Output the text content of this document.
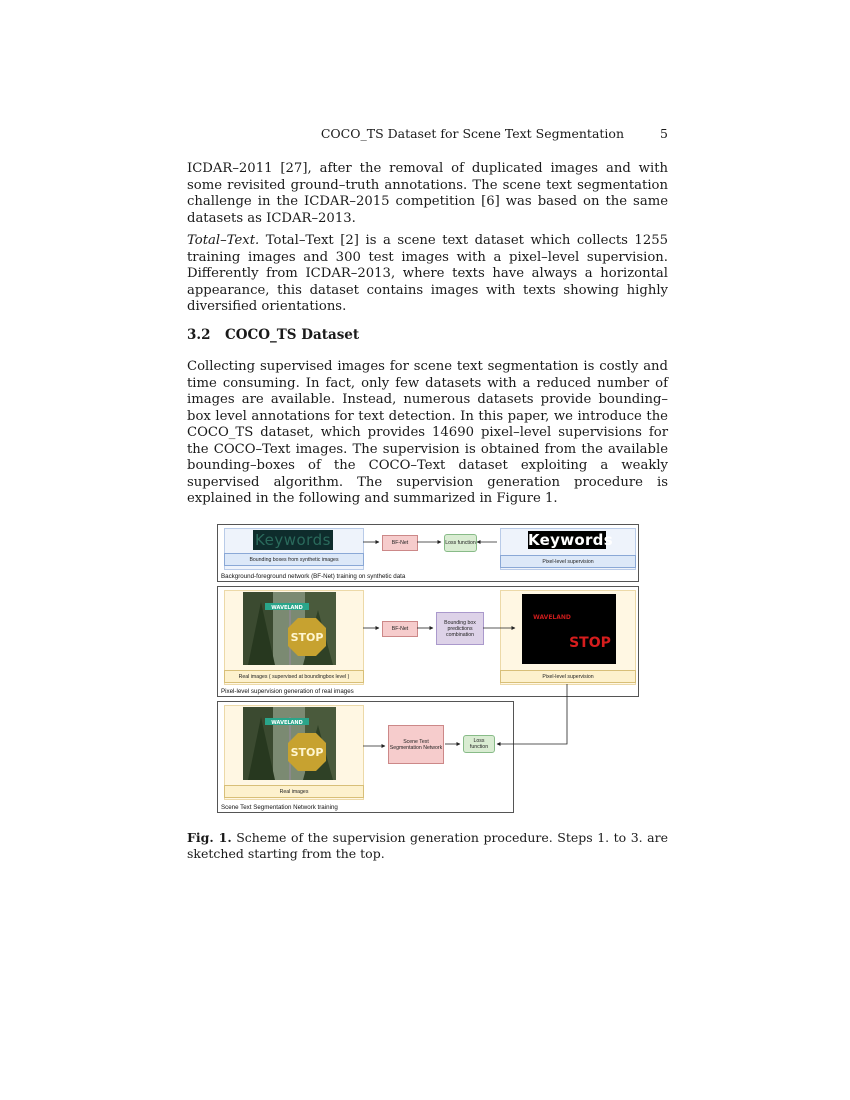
COCO_TS Dataset for Scene Text Segmentation	5

ICDAR–2011 [27], after the removal of duplicated images and with some revisited ground–truth annotations. The scene text segmentation challenge in the ICDAR–2015 competition [6] was based on the same datasets as ICDAR–2013.

Total–Text. Total–Text [2] is a scene text dataset which collects 1255 training images and 300 test images with a pixel–level supervision. Differently from ICDAR–2013, where texts have always a horizontal appearance, this dataset contains images with texts showing highly diversified orientations.

3.2 COCO_TS Dataset

Collecting supervised images for scene text segmentation is costly and time consuming. In fact, only few datasets with a reduced number of images are available. Instead, numerous datasets provide bounding–box level annotations for text detection. In this paper, we introduce the COCO_TS dataset, which provides 14690 pixel–level supervisions for the COCO–Text images. The supervision is obtained from the available bounding–boxes of the COCO–Text dataset exploiting a weakly supervised algorithm. The supervision generation procedure is explained in the following and summarized in Figure 1.

Keywords
Bounding boxes from synthetic images
BF-Net	Loss function	Keywords
Pixel-level supervision
Background-foreground network (BF-Net) training on synthetic data
WAVELAND
STOP
Real images ( supervised at boundingbox level )
BF-Net
Bounding box predictions combination
WAVELAND
STOP
Pixel-level supervision
Pixel-level supervision generation of real images
WAVELAND
STOP
Real images
Scene Text Segmentation Network
Loss function
Scene Text Segmentation Network training
Fig. 1. Scheme of the supervision generation procedure. Steps 1. to 3. are sketched starting from the top.
